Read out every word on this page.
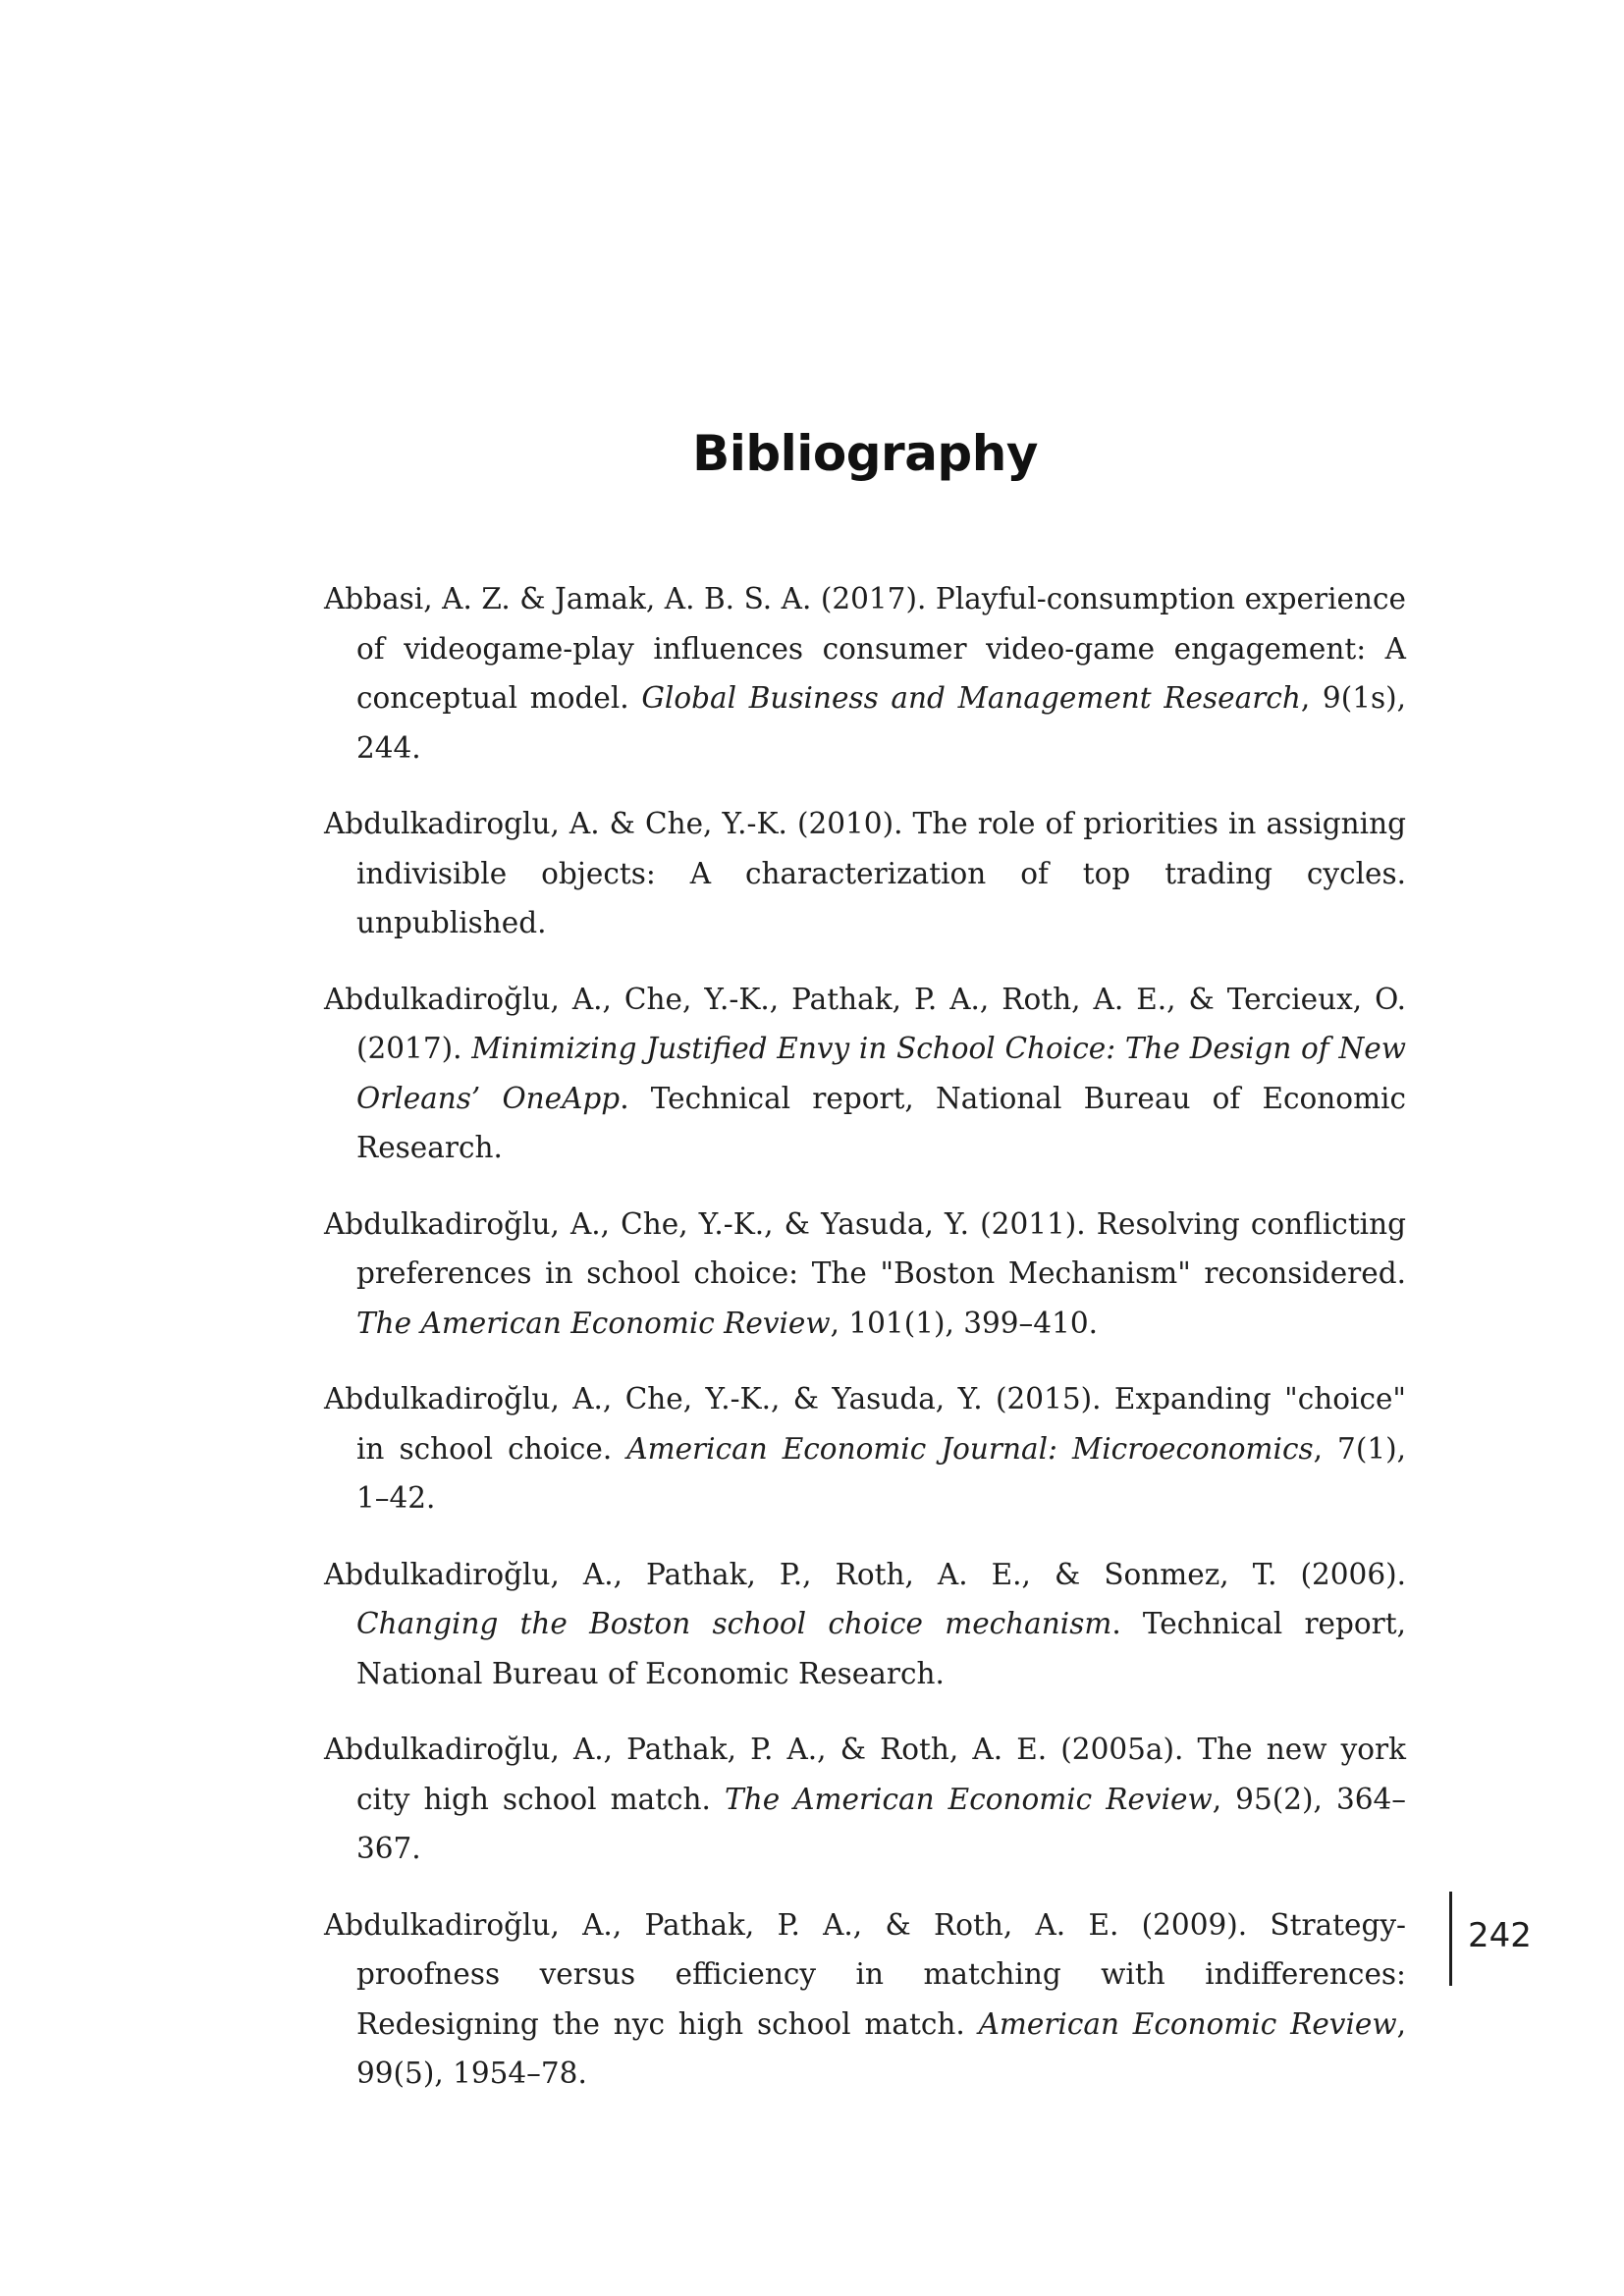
Bibliography
Abbasi, A. Z. & Jamak, A. B. S. A. (2017). Playful-consumption experience of videogame-play influences consumer video-game engagement: A conceptual model. Global Business and Management Research, 9(1s), 244.
Abdulkadiroglu, A. & Che, Y.-K. (2010). The role of priorities in assigning indivisible objects: A characterization of top trading cycles. unpublished.
Abdulkadiroğlu, A., Che, Y.-K., Pathak, P. A., Roth, A. E., & Tercieux, O. (2017). Minimizing Justified Envy in School Choice: The Design of New Orleans’ OneApp. Technical report, National Bureau of Economic Research.
Abdulkadiroğlu, A., Che, Y.-K., & Yasuda, Y. (2011). Resolving conflicting preferences in school choice: The "Boston Mechanism" reconsidered. The American Economic Review, 101(1), 399–410.
Abdulkadiroğlu, A., Che, Y.-K., & Yasuda, Y. (2015). Expanding "choice" in school choice. American Economic Journal: Microeconomics, 7(1), 1–42.
Abdulkadiroğlu, A., Pathak, P., Roth, A. E., & Sonmez, T. (2006). Changing the Boston school choice mechanism. Technical report, National Bureau of Economic Research.
Abdulkadiroğlu, A., Pathak, P. A., & Roth, A. E. (2005a). The new york city high school match. The American Economic Review, 95(2), 364–367.
Abdulkadiroğlu, A., Pathak, P. A., & Roth, A. E. (2009). Strategy-proofness versus efficiency in matching with indifferences: Redesigning the nyc high school match. American Economic Review, 99(5), 1954–78.
242
